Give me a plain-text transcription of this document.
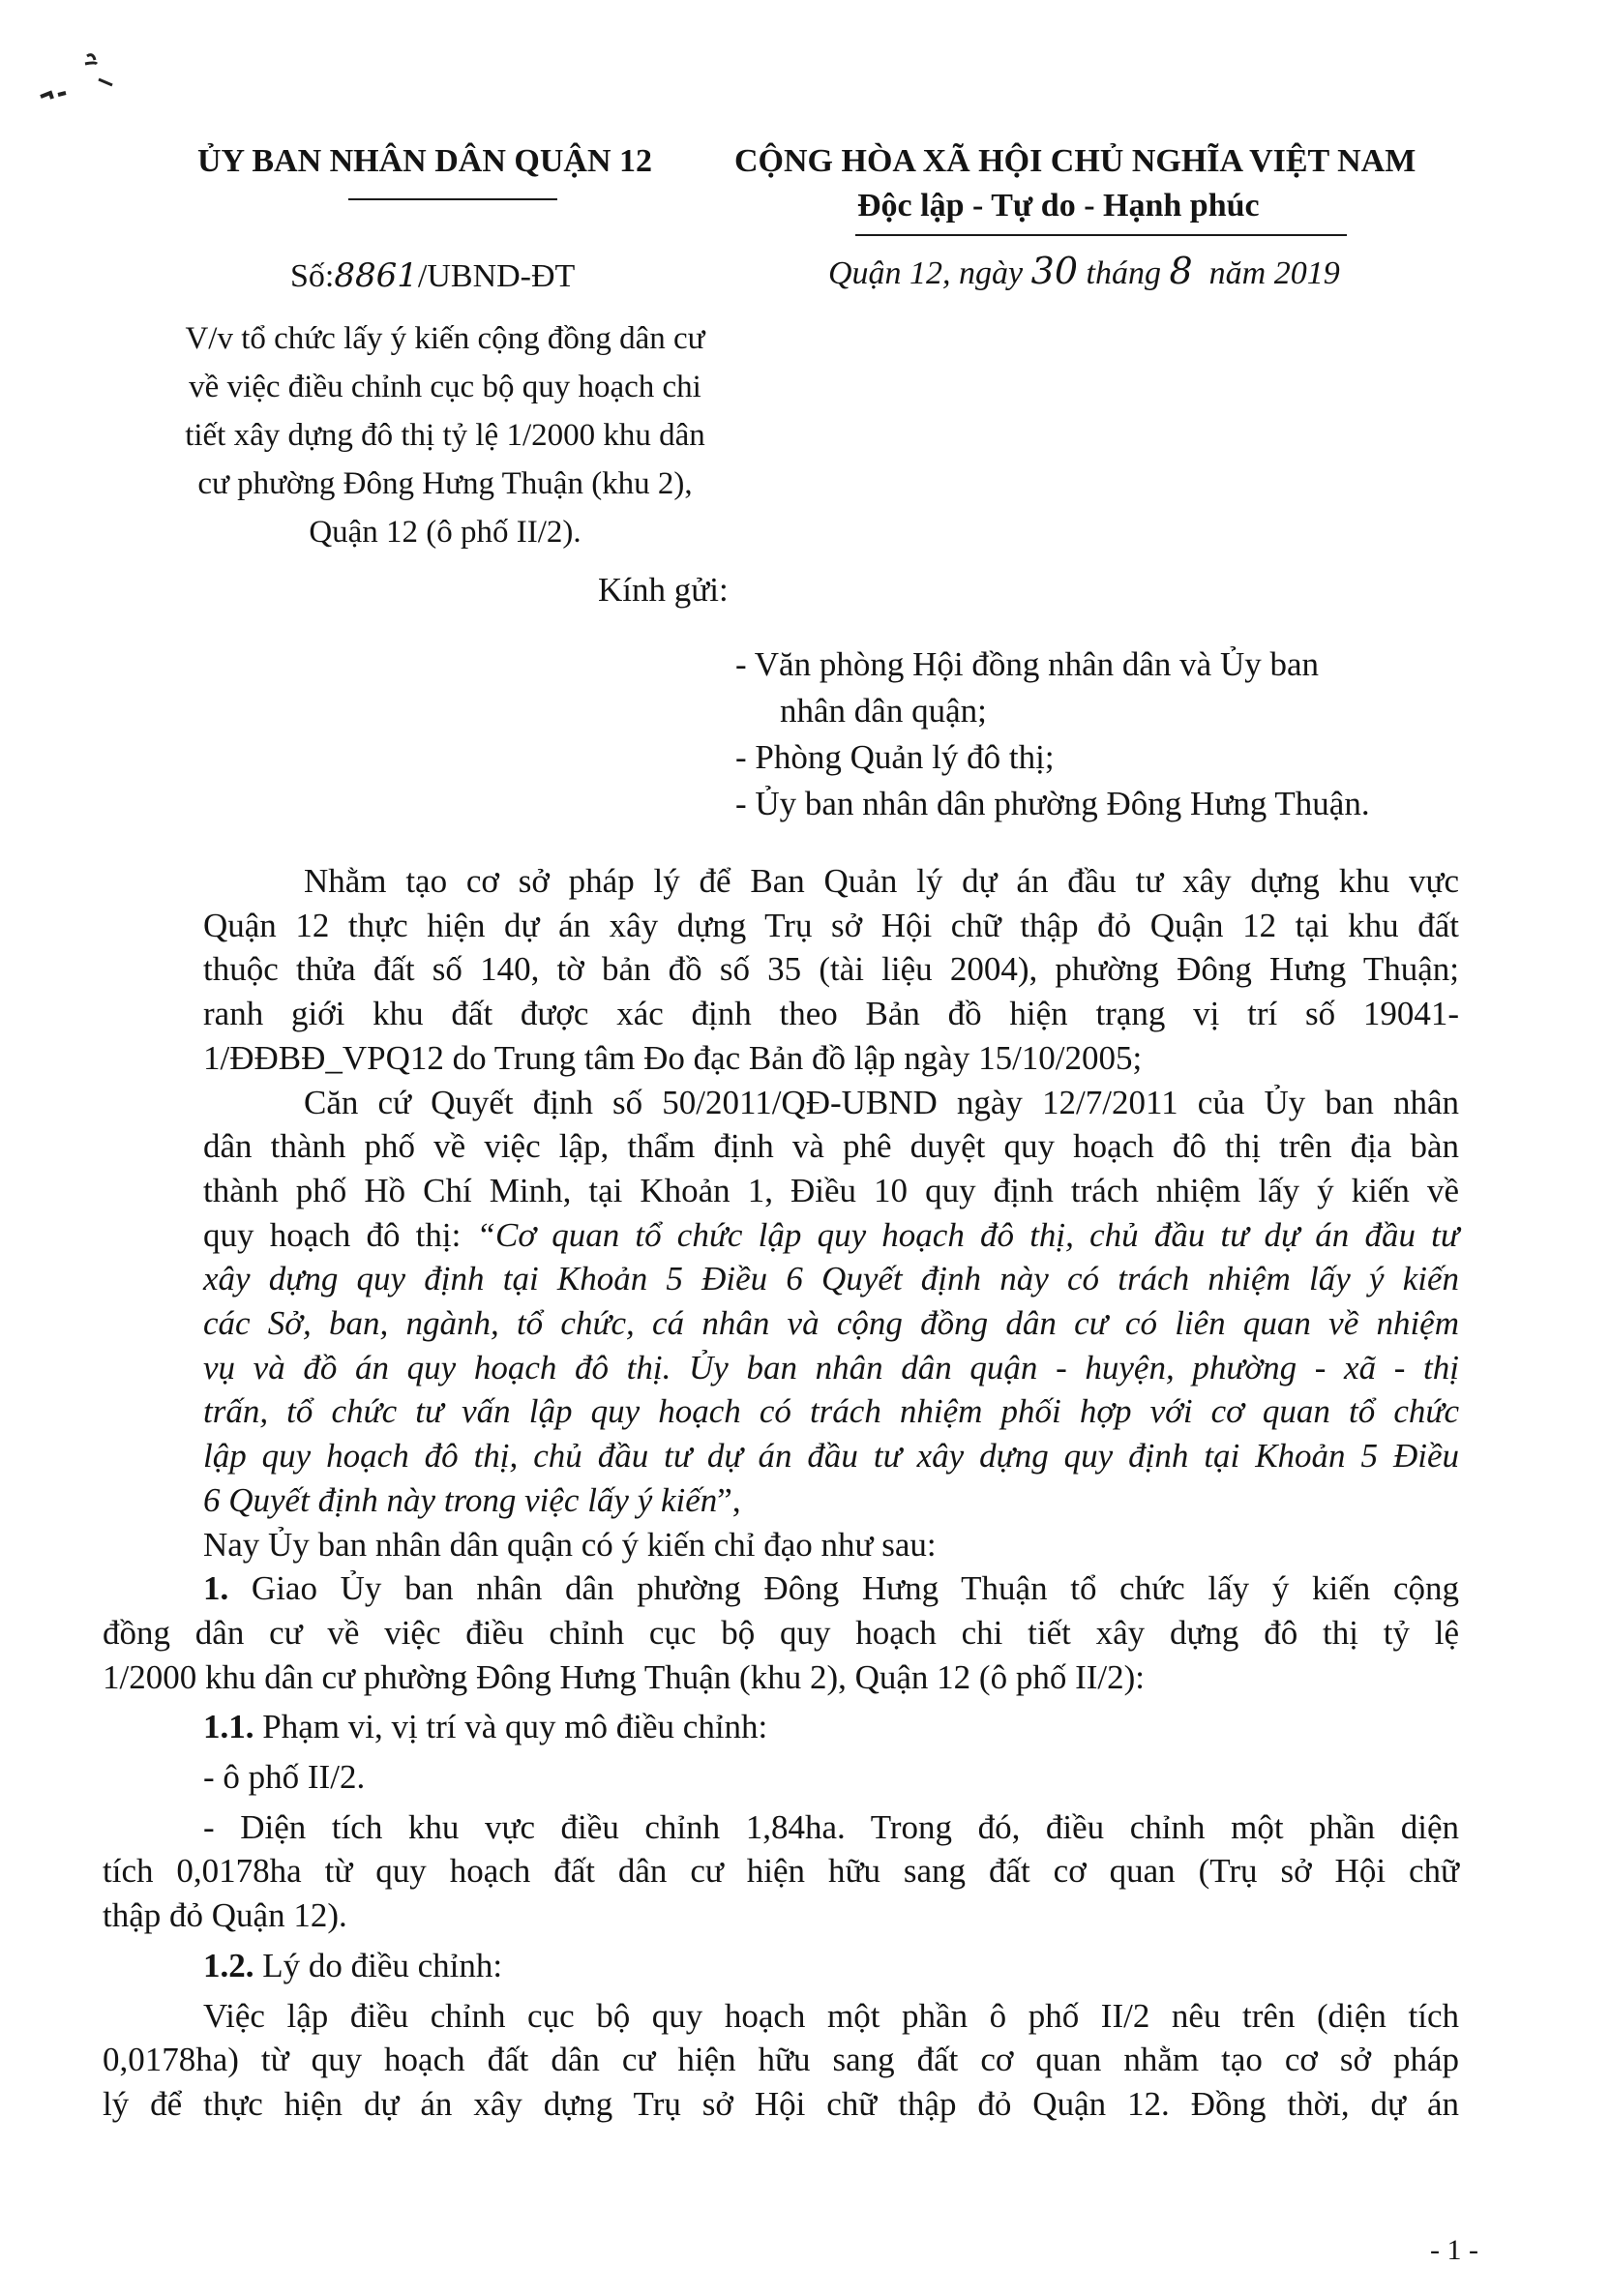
ỦY BAN NHÂN DÂN QUẬN 12 CỘNG HÒA XÃ HỘI CHỦ NGHĨA VIỆT NAM
Độc lập - Tự do - Hạnh phúc
Số:8861/UBND-ĐT	Quận 12, ngày 30 tháng 8 năm 2019
V/v tổ chức lấy ý kiến cộng đồng dân cư
về việc điều chỉnh cục bộ quy hoạch chi
tiết xây dựng đô thị tỷ lệ 1/2000 khu dân
cư phường Đông Hưng Thuận (khu 2),
Quận 12 (ô phố II/2).
Kính gửi:
- Văn phòng Hội đồng nhân dân và Ủy ban
nhân dân quận;
- Phòng Quản lý đô thị;
- Ủy ban nhân dân phường Đông Hưng Thuận.

Nhằm tạo cơ sở pháp lý để Ban Quản lý dự án đầu tư xây dựng khu vực

Quận 12 thực hiện dự án xây dựng Trụ sở Hội chữ thập đỏ Quận 12 tại khu đất

thuộc thửa đất số 140, tờ bản đồ số 35 (tài liệu 2004), phường Đông Hưng Thuận;

ranh giới khu đất được xác định theo Bản đồ hiện trạng vị trí số 19041-

1/ĐĐBĐ_VPQ12 do Trung tâm Đo đạc Bản đồ lập ngày 15/10/2005;

Căn cứ Quyết định số 50/2011/QĐ-UBND ngày 12/7/2011 của Ủy ban nhân

dân thành phố về việc lập, thẩm định và phê duyệt quy hoạch đô thị trên địa bàn

thành phố Hồ Chí Minh, tại Khoản 1, Điều 10 quy định trách nhiệm lấy ý kiến về

quy hoạch đô thị: “Cơ quan tổ chức lập quy hoạch đô thị, chủ đầu tư dự án đầu tư

xây dựng quy định tại Khoản 5 Điều 6 Quyết định này có trách nhiệm lấy ý kiến

các Sở, ban, ngành, tổ chức, cá nhân và cộng đồng dân cư có liên quan về nhiệm

vụ và đồ án quy hoạch đô thị. Ủy ban nhân dân quận - huyện, phường - xã - thị

trấn, tổ chức tư vấn lập quy hoạch có trách nhiệm phối hợp với cơ quan tổ chức

lập quy hoạch đô thị, chủ đầu tư dự án đầu tư xây dựng quy định tại Khoản 5 Điều

6 Quyết định này trong việc lấy ý kiến”,

Nay Ủy ban nhân dân quận có ý kiến chỉ đạo như sau:

1. Giao Ủy ban nhân dân phường Đông Hưng Thuận tổ chức lấy ý kiến cộng

đồng dân cư về việc điều chỉnh cục bộ quy hoạch chi tiết xây dựng đô thị tỷ lệ

1/2000 khu dân cư phường Đông Hưng Thuận (khu 2), Quận 12 (ô phố II/2):

1.1. Phạm vi, vị trí và quy mô điều chỉnh:

- ô phố II/2.

- Diện tích khu vực điều chỉnh 1,84ha. Trong đó, điều chỉnh một phần diện

tích 0,0178ha từ quy hoạch đất dân cư hiện hữu sang đất cơ quan (Trụ sở Hội chữ

thập đỏ Quận 12).

1.2. Lý do điều chỉnh:

Việc lập điều chỉnh cục bộ quy hoạch một phần ô phố II/2 nêu trên (diện tích

0,0178ha) từ quy hoạch đất dân cư hiện hữu sang đất cơ quan nhằm tạo cơ sở pháp

lý để thực hiện dự án xây dựng Trụ sở Hội chữ thập đỏ Quận 12. Đồng thời, dự án

- 1 -
